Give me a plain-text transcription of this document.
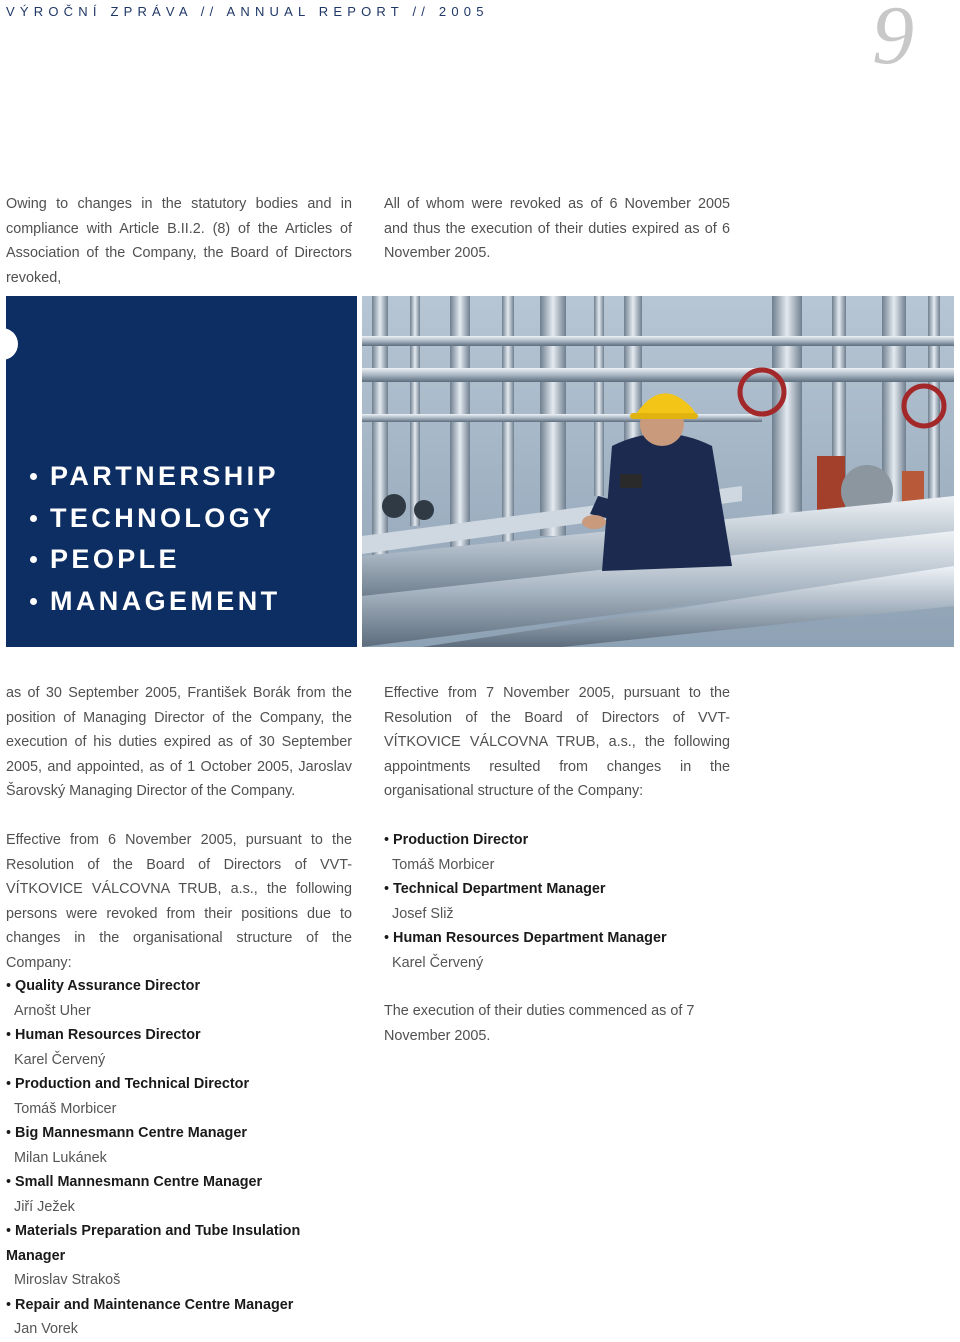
VÝROČNÍ ZPRÁVA // ANNUAL REPORT // 2005	9

Owing to changes in the statutory bodies and in compliance with Article B.II.2. (8) of the Articles of Association of the Company, the Board of Directors revoked,

All of whom were revoked as of 6 November 2005 and thus the execution of their duties expired as of 6 November 2005.

PARTNERSHIP
TECHNOLOGY
PEOPLE
MANAGEMENT

as of 30 September 2005, František Borák from the position of Managing Director of the Company, the execution of his duties expired as of 30 September 2005, and appointed, as of 1 October 2005, Jaroslav Šarovský Managing Director of the Company.

Effective from 7 November 2005, pursuant to the Resolution of the Board of Directors of VVT-VÍTKOVICE VÁLCOVNA TRUB, a.s., the following appointments resulted from changes in the organisational structure of the Company:

Effective from 6 November 2005, pursuant to the Resolution of the Board of Directors of VVT-VÍTKOVICE VÁLCOVNA TRUB, a.s., the following persons were revoked from their positions due to changes in the organisational structure of the Company:

• Quality Assurance Director
Arnošt Uher
• Human Resources Director
Karel Červený
• Production and Technical Director
Tomáš Morbicer
• Big Mannesmann Centre Manager
Milan Lukánek
• Small Mannesmann Centre Manager
Jiří Ježek
• Materials Preparation and Tube Insulation Manager
Miroslav Strakoš
• Repair and Maintenance Centre Manager
Jan Vorek
• Production Director
Tomáš Morbicer
• Technical Department Manager
Josef Sliž
• Human Resources Department Manager
Karel Červený

The execution of their duties commenced as of 7 November 2005.
